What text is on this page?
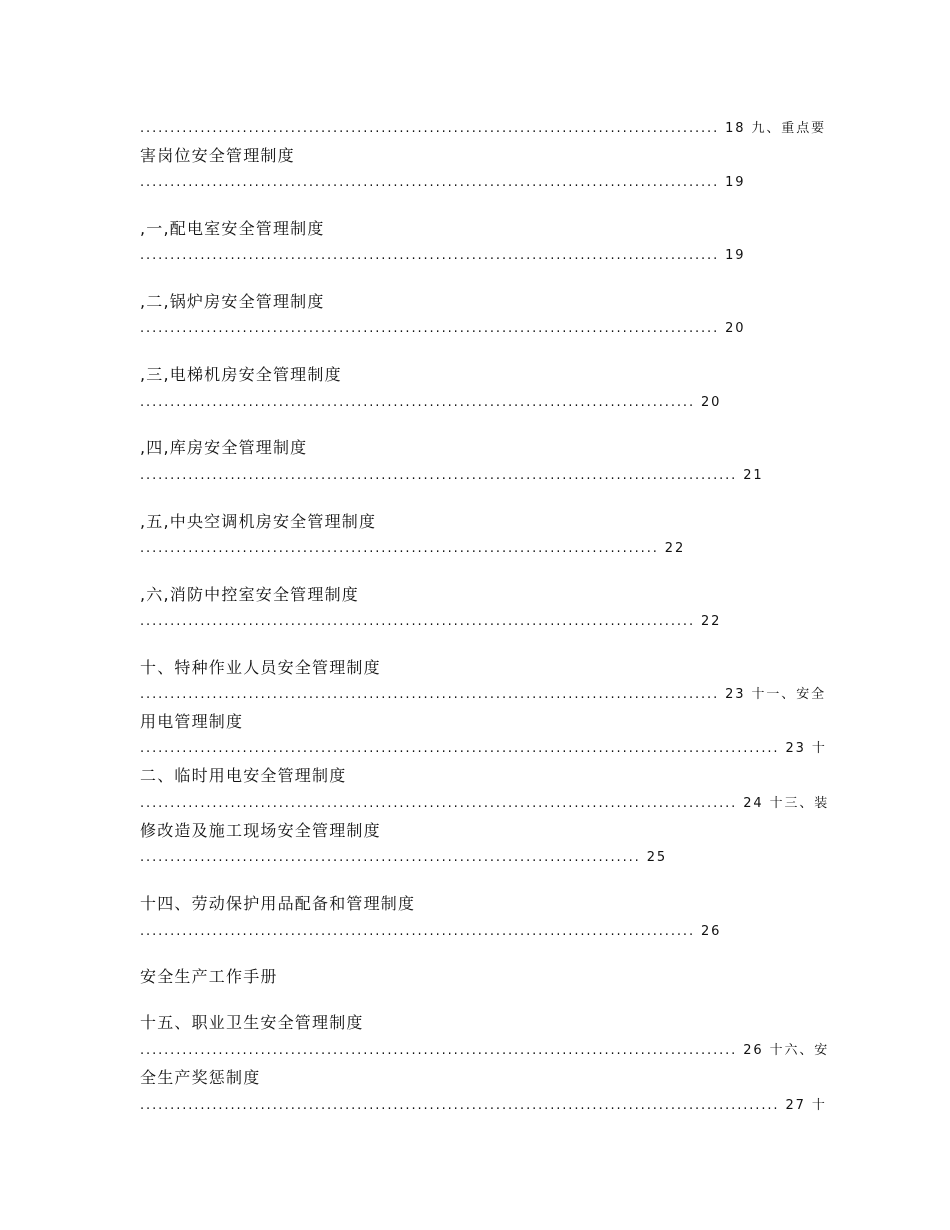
................................................................................................ 18 九、重点要
害岗位安全管理制度
................................................................................................ 19
,一,配电室安全管理制度
................................................................................................ 19
,二,锅炉房安全管理制度
................................................................................................ 20
,三,电梯机房安全管理制度
............................................................................................ 20
,四,库房安全管理制度
................................................................................................... 21
,五,中央空调机房安全管理制度
...................................................................................... 22
,六,消防中控室安全管理制度
............................................................................................ 22
十、特种作业人员安全管理制度
................................................................................................ 23 十一、安全
用电管理制度
.......................................................................................................... 23 十
二、临时用电安全管理制度
................................................................................................... 24 十三、装
修改造及施工现场安全管理制度
................................................................................... 25
十四、劳动保护用品配备和管理制度
............................................................................................ 26
安全生产工作手册
十五、职业卫生安全管理制度
................................................................................................... 26 十六、安
全生产奖惩制度
.......................................................................................................... 27 十
